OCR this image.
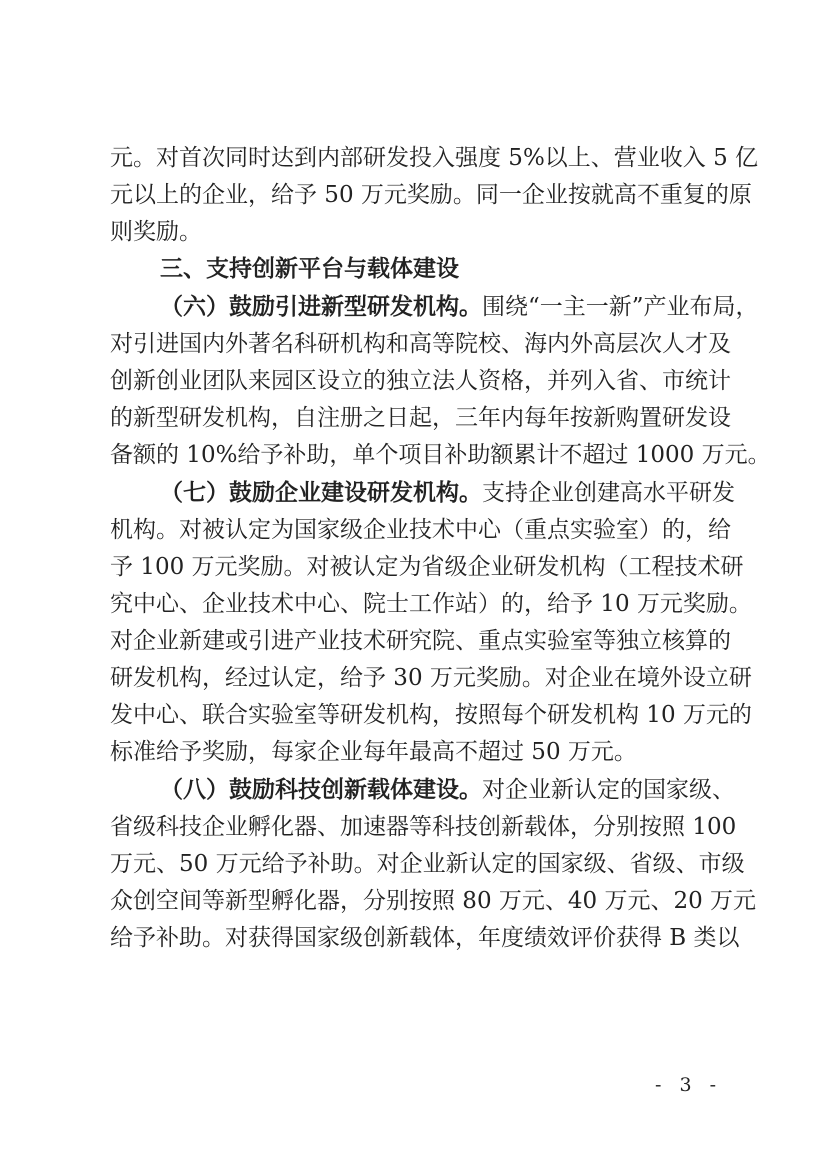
元。对首次同时达到内部研发投入强度 5%以上、营业收入 5 亿
元以上的企业，给予 50 万元奖励。同一企业按就高不重复的原
则奖励。
三、支持创新平台与载体建设
（六）鼓励引进新型研发机构。围绕“一主一新”产业布局，
对引进国内外著名科研机构和高等院校、海内外高层次人才及
创新创业团队来园区设立的独立法人资格，并列入省、市统计
的新型研发机构，自注册之日起，三年内每年按新购置研发设
备额的 10%给予补助，单个项目补助额累计不超过 1000 万元。
（七）鼓励企业建设研发机构。支持企业创建高水平研发
机构。对被认定为国家级企业技术中心（重点实验室）的，给
予 100 万元奖励。对被认定为省级企业研发机构（工程技术研
究中心、企业技术中心、院士工作站）的，给予 10 万元奖励。
对企业新建或引进产业技术研究院、重点实验室等独立核算的
研发机构，经过认定，给予 30 万元奖励。对企业在境外设立研
发中心、联合实验室等研发机构，按照每个研发机构 10 万元的
标准给予奖励，每家企业每年最高不超过 50 万元。
（八）鼓励科技创新载体建设。对企业新认定的国家级、
省级科技企业孵化器、加速器等科技创新载体，分别按照 100
万元、50 万元给予补助。对企业新认定的国家级、省级、市级
众创空间等新型孵化器，分别按照 80 万元、40 万元、20 万元
给予补助。对获得国家级创新载体，年度绩效评价获得 B 类以
- 3 -
